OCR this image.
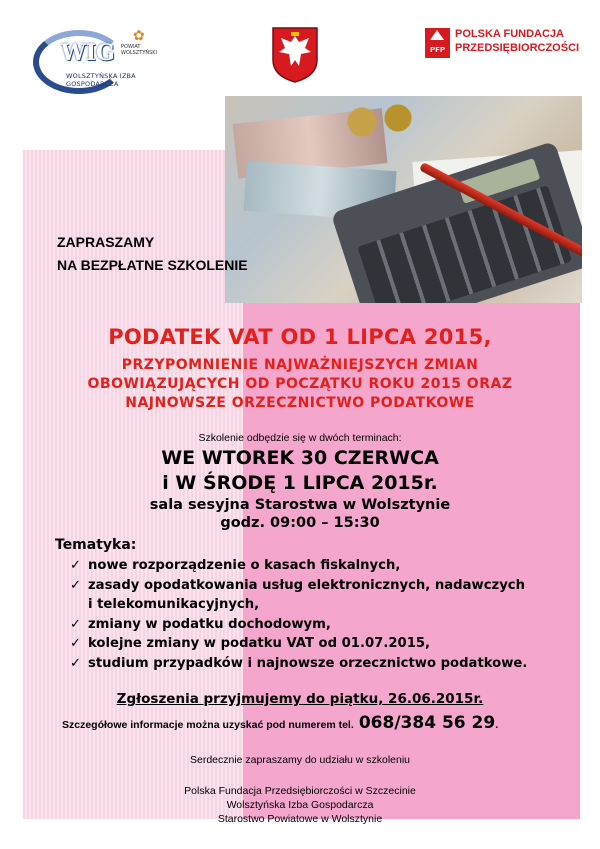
WIG
✿
POWIAT WOLSZTYŃSKI
WOLSZTYŃSKA IZBA GOSPODARCZA
PFP
POLSKA FUNDACJA
PRZEDSIĘBIORCZOŚCI
ZAPRASZAMY
NA BEZPŁATNE SZKOLENIE
PODATEK VAT OD 1 LIPCA 2015,
PRZYPOMNIENIE NAJWAŻNIEJSZYCH ZMIAN
OBOWIĄZUJĄCYCH OD POCZĄTKU ROKU 2015 ORAZ
NAJNOWSZE ORZECZNICTWO PODATKOWE
Szkolenie odbędzie się w dwóch terminach:
WE WTOREK 30 CZERWCA
i W ŚRODĘ 1 LIPCA 2015r.
sala sesyjna Starostwa w Wolsztynie
godz. 09:00 – 15:30
Tematyka:
✓ nowe rozporządzenie o kasach fiskalnych,
✓ zasady opodatkowania usług elektronicznych, nadawczych
i telekomunikacyjnych,
✓ zmiany w podatku dochodowym,
✓ kolejne zmiany w podatku VAT od 01.07.2015,
✓ studium przypadków i najnowsze orzecznictwo podatkowe.
Zgłoszenia przyjmujemy do piątku, 26.06.2015r.
Szczegółowe informacje można uzyskać pod numerem tel. 068/384 56 29.
Serdecznie zapraszamy do udziału w szkoleniu
Polska Fundacja Przedsiębiorczości w Szczecinie
Wolsztyńska Izba Gospodarcza
Starostwo Powiatowe w Wolsztynie
